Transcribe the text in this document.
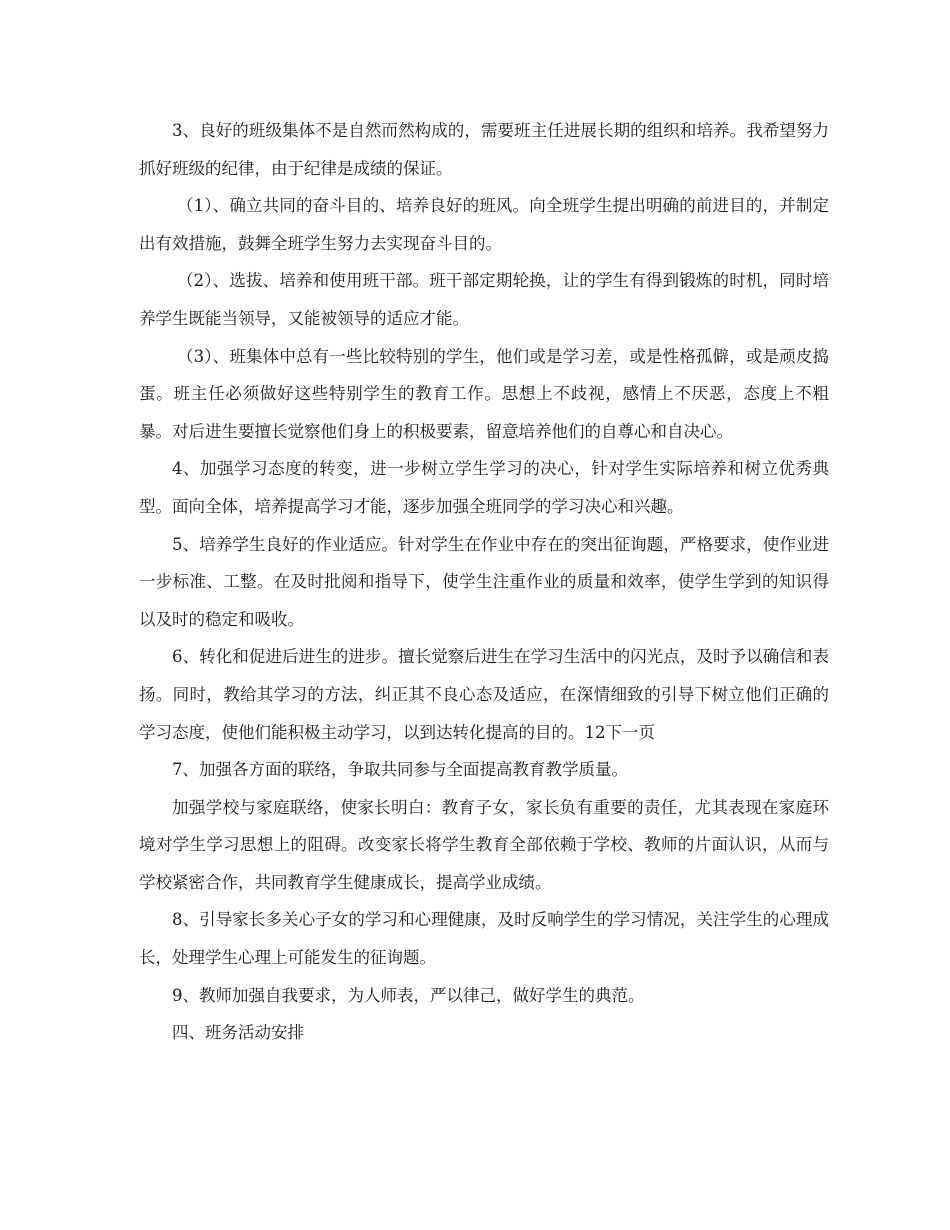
3、良好的班级集体不是自然而然构成的，需要班主任进展长期的组织和培养。我希望努力抓好班级的纪律，由于纪律是成绩的保证。

（1）、确立共同的奋斗目的、培养良好的班风。向全班学生提出明确的前进目的，并制定出有效措施，鼓舞全班学生努力去实现奋斗目的。

（2）、选拔、培养和使用班干部。班干部定期轮换，让的学生有得到锻炼的时机，同时培养学生既能当领导，又能被领导的适应才能。

（3）、班集体中总有一些比较特别的学生，他们或是学习差，或是性格孤僻，或是顽皮捣蛋。班主任必须做好这些特别学生的教育工作。思想上不歧视，感情上不厌恶，态度上不粗暴。对后进生要擅长觉察他们身上的积极要素，留意培养他们的自尊心和自决心。

4、加强学习态度的转变，进一步树立学生学习的决心，针对学生实际培养和树立优秀典型。面向全体，培养提高学习才能，逐步加强全班同学的学习决心和兴趣。

5、培养学生良好的作业适应。针对学生在作业中存在的突出征询题，严格要求，使作业进一步标准、工整。在及时批阅和指导下，使学生注重作业的质量和效率，使学生学到的知识得以及时的稳定和吸收。

6、转化和促进后进生的进步。擅长觉察后进生在学习生活中的闪光点，及时予以确信和表扬。同时，教给其学习的方法，纠正其不良心态及适应，在深情细致的引导下树立他们正确的学习态度，使他们能积极主动学习，以到达转化提高的目的。12下一页

7、加强各方面的联络，争取共同参与全面提高教育教学质量。

加强学校与家庭联络，使家长明白：教育子女，家长负有重要的责任，尤其表现在家庭环境对学生学习思想上的阻碍。改变家长将学生教育全部依赖于学校、教师的片面认识，从而与学校紧密合作，共同教育学生健康成长，提高学业成绩。

8、引导家长多关心子女的学习和心理健康，及时反响学生的学习情况，关注学生的心理成长，处理学生心理上可能发生的征询题。

9、教师加强自我要求，为人师表，严以律己，做好学生的典范。

四、班务活动安排
